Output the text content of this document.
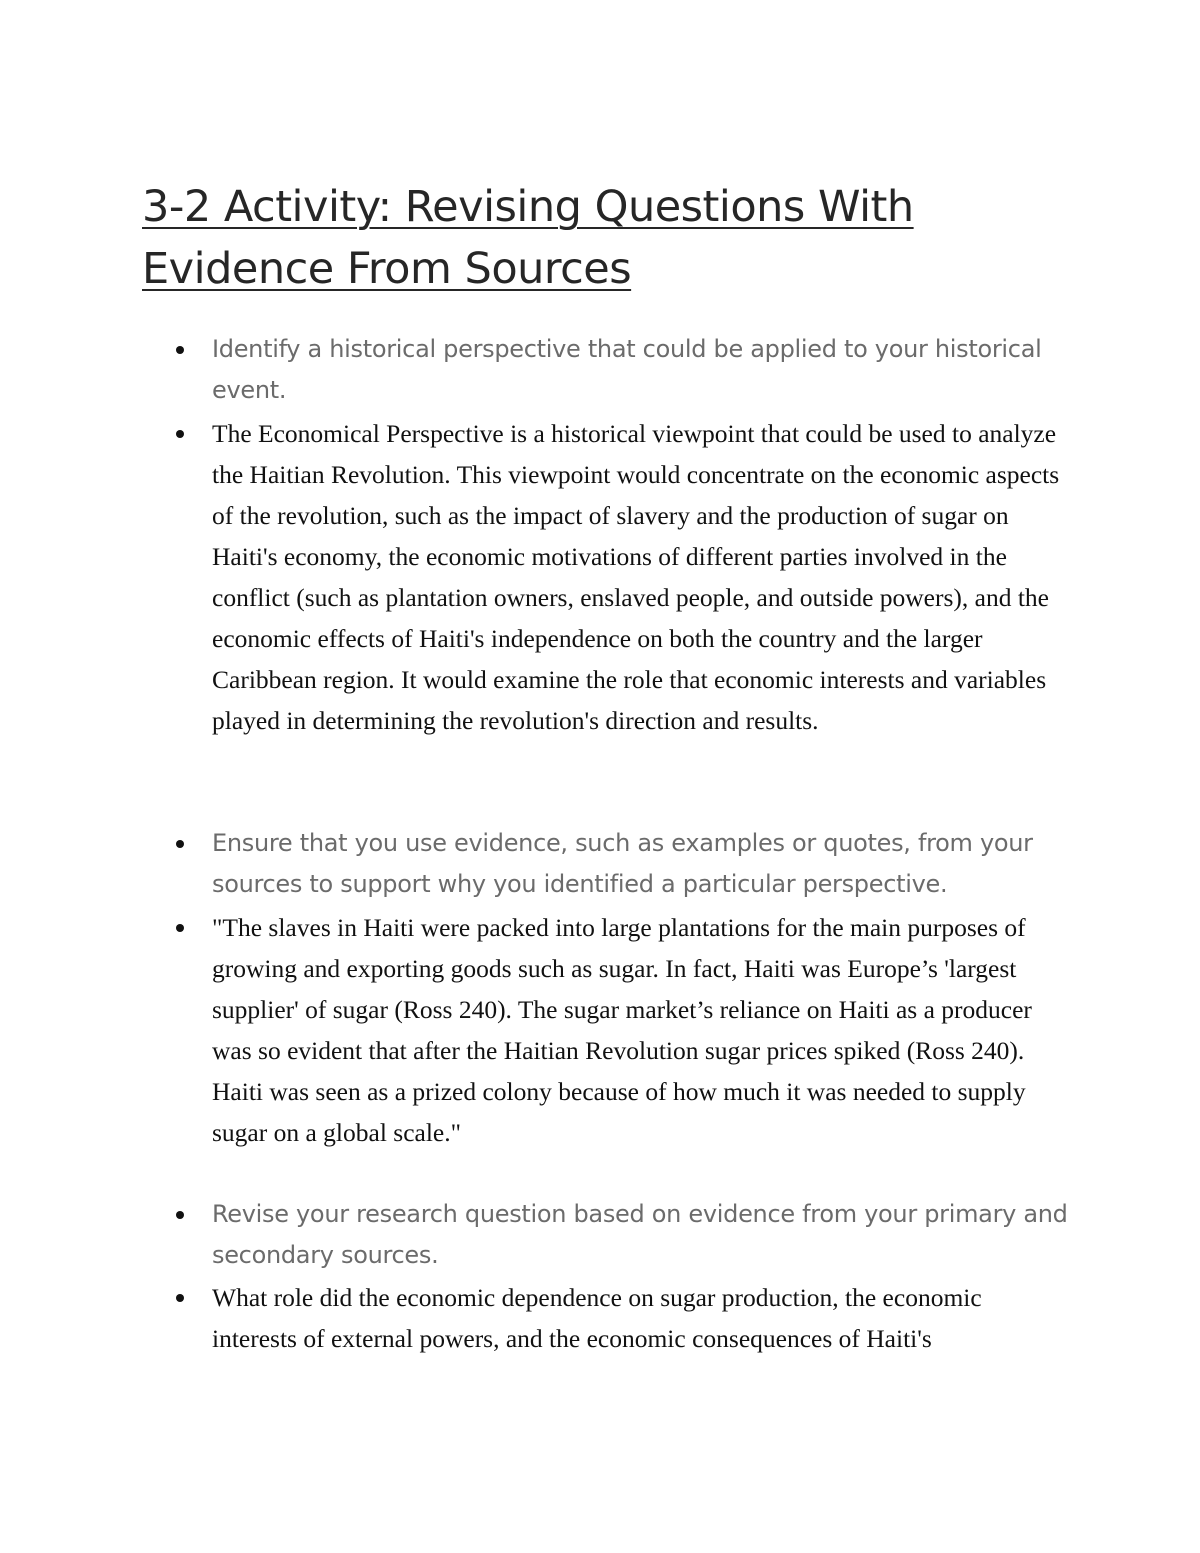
3-2 Activity: Revising Questions With Evidence From Sources
Identify a historical perspective that could be applied to your historical event.
The Economical Perspective is a historical viewpoint that could be used to analyze the Haitian Revolution. This viewpoint would concentrate on the economic aspects of the revolution, such as the impact of slavery and the production of sugar on Haiti's economy, the economic motivations of different parties involved in the conflict (such as plantation owners, enslaved people, and outside powers), and the economic effects of Haiti's independence on both the country and the larger Caribbean region. It would examine the role that economic interests and variables played in determining the revolution's direction and results.
Ensure that you use evidence, such as examples or quotes, from your sources to support why you identified a particular perspective.
"The slaves in Haiti were packed into large plantations for the main purposes of growing and exporting goods such as sugar. In fact, Haiti was Europe’s 'largest supplier' of sugar (Ross 240). The sugar market’s reliance on Haiti as a producer was so evident that after the Haitian Revolution sugar prices spiked (Ross 240). Haiti was seen as a prized colony because of how much it was needed to supply sugar on a global scale."
Revise your research question based on evidence from your primary and secondary sources.
What role did the economic dependence on sugar production, the economic interests of external powers, and the economic consequences of Haiti's
